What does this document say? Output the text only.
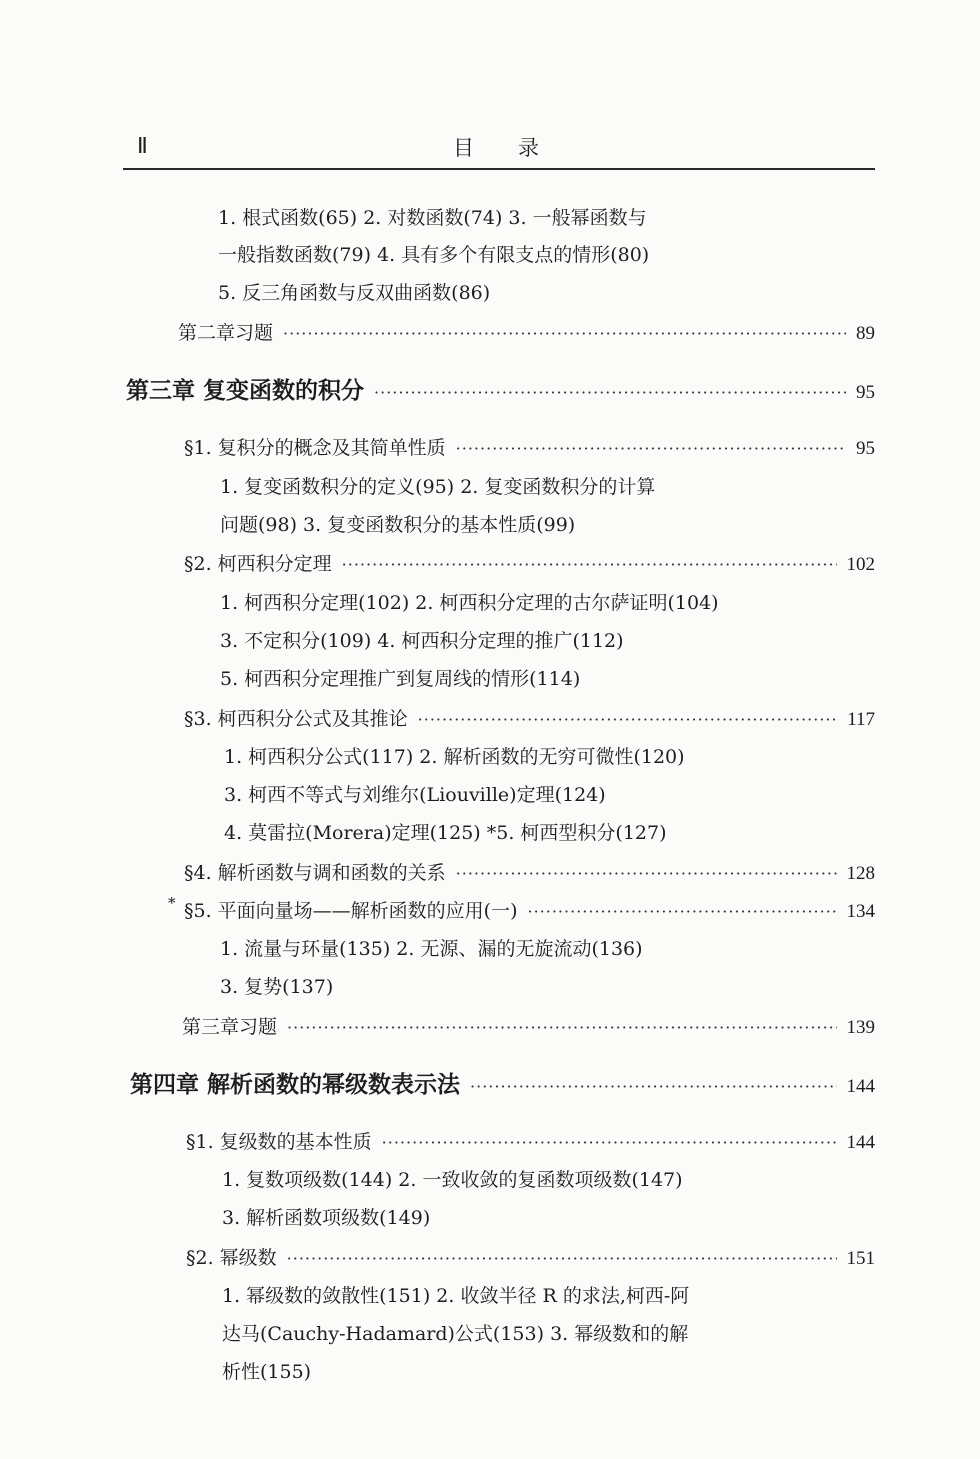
Ⅱ	目录
1. 根式函数(65) 2. 对数函数(74) 3. 一般幂函数与
一般指数函数(79) 4. 具有多个有限支点的情形(80)
5. 反三角函数与反双曲函数(86)
第二章习题 ·····	89
第三章 复变函数的积分 ·····	95
§1. 复积分的概念及其简单性质 ·····	95
1. 复变函数积分的定义(95) 2. 复变函数积分的计算
问题(98) 3. 复变函数积分的基本性质(99)
§2. 柯西积分定理 ·····	102
1. 柯西积分定理(102) 2. 柯西积分定理的古尔萨证明(104)
3. 不定积分(109) 4. 柯西积分定理的推广(112)
5. 柯西积分定理推广到复周线的情形(114)
§3. 柯西积分公式及其推论 ·····	117
1. 柯西积分公式(117) 2. 解析函数的无穷可微性(120)
3. 柯西不等式与刘维尔(Liouville)定理(124)
4. 莫雷拉(Morera)定理(125) *5. 柯西型积分(127)
§4. 解析函数与调和函数的关系 ·····	128
* §5. 平面向量场——解析函数的应用(一) ·····	134
1. 流量与环量(135) 2. 无源、漏的无旋流动(136)
3. 复势(137)
第三章习题 ·····	139
第四章 解析函数的幂级数表示法 ·····	144
§1. 复级数的基本性质 ·····	144
1. 复数项级数(144) 2. 一致收敛的复函数项级数(147)
3. 解析函数项级数(149)
§2. 幂级数 ·····	151
1. 幂级数的敛散性(151) 2. 收敛半径 R 的求法,柯西-阿
达马(Cauchy-Hadamard)公式(153) 3. 幂级数和的解
析性(155)
